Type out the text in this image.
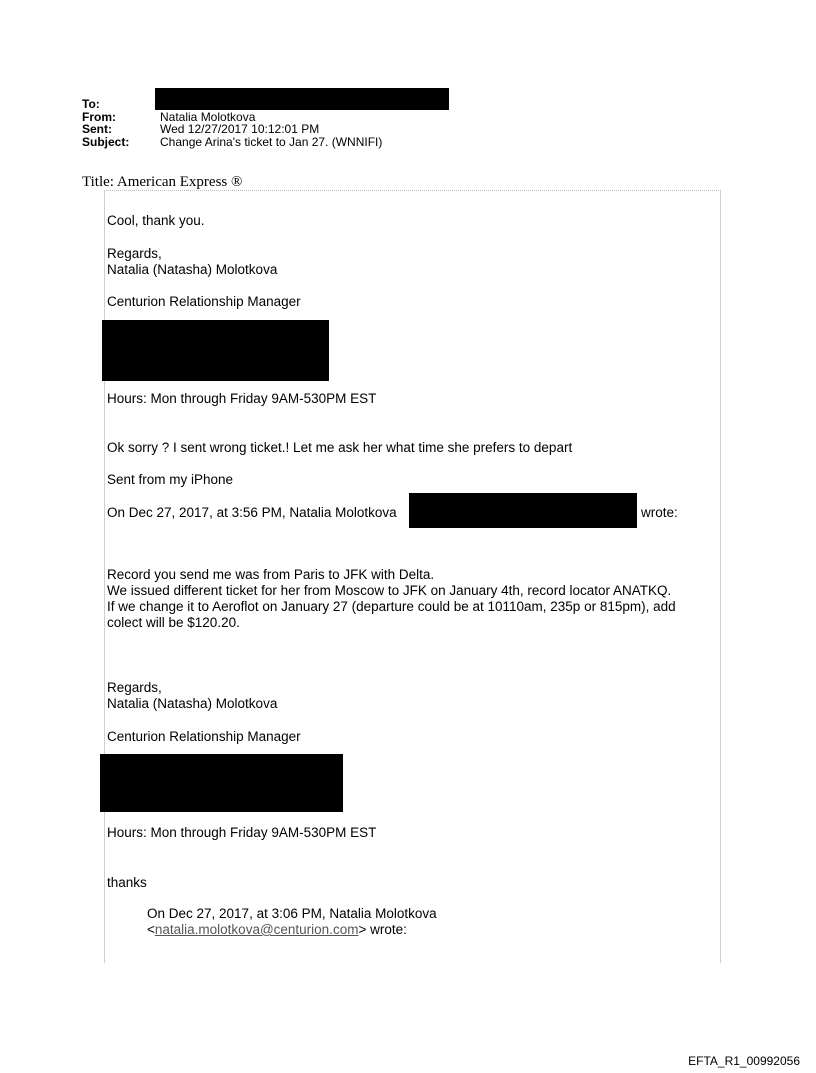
To:
From:	Natalia Molotkova
Sent:	Wed 12/27/2017 10:12:01 PM
Subject:	Change Arina's ticket to Jan 27. (WNNIFI)
Title: American Express ®
Cool, thank you.
Regards,
Natalia (Natasha) Molotkova
Centurion Relationship Manager
Hours: Mon through Friday 9AM-530PM EST
Ok sorry ? I sent wrong ticket.! Let me ask her what time she prefers to depart
Sent from my iPhone
On Dec 27, 2017, at 3:56 PM, Natalia Molotkova	wrote:
Record you send me was from Paris to JFK with Delta.
We issued different ticket for her from Moscow to JFK on January 4th, record locator ANATKQ.
If we change it to Aeroflot on January 27 (departure could be at 10110am, 235p or 815pm), add
colect will be $120.20.
Regards,
Natalia (Natasha) Molotkova
Centurion Relationship Manager
Hours: Mon through Friday 9AM-530PM EST
thanks
On Dec 27, 2017, at 3:06 PM, Natalia Molotkova
<natalia.molotkova@centurion.com> wrote:
EFTA_R1_00992056
